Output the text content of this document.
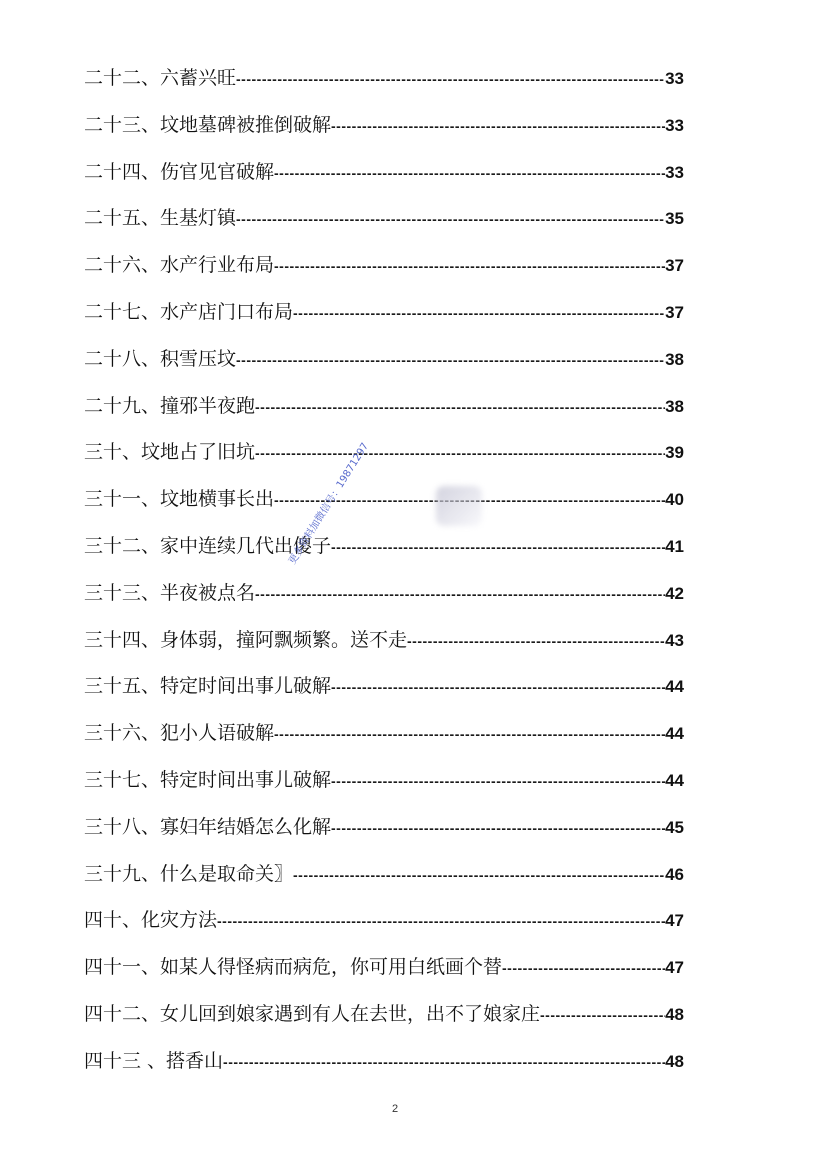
二十二、六蓄兴旺 -----	33
二十三、坟地墓碑被推倒破解 -----	33
二十四、伤官见官破解 -----	33
二十五、生基灯镇 -----	35
二十六、水产行业布局 -----	37
二十七、水产店门口布局 -----	37
二十八、积雪压坟 -----	38
二十九、撞邪半夜跑 -----	38
三十、坟地占了旧坑 -----	39
三十一、坟地横事长出 -----	40
三十二、家中连续几代出傻子 -----	41
三十三、半夜被点名 -----	42
三十四、身体弱，撞阿飘频繁。送不走 -----	43
三十五、特定时间出事儿破解 -----	44
三十六、犯小人语破解 -----	44
三十七、特定时间出事儿破解 -----	44
三十八、寡妇年结婚怎么化解 -----	45
三十九、什么是取命关〗 -----	46
四十、化灾方法 -----	47
四十一、如某人得怪病而病危，你可用白纸画个替 -----	47
四十二、女儿回到娘家遇到有人在去世，出不了娘家庄 -----	48
四十三 、搭香山 -----	48
更多资料加微信号：19871297
2
